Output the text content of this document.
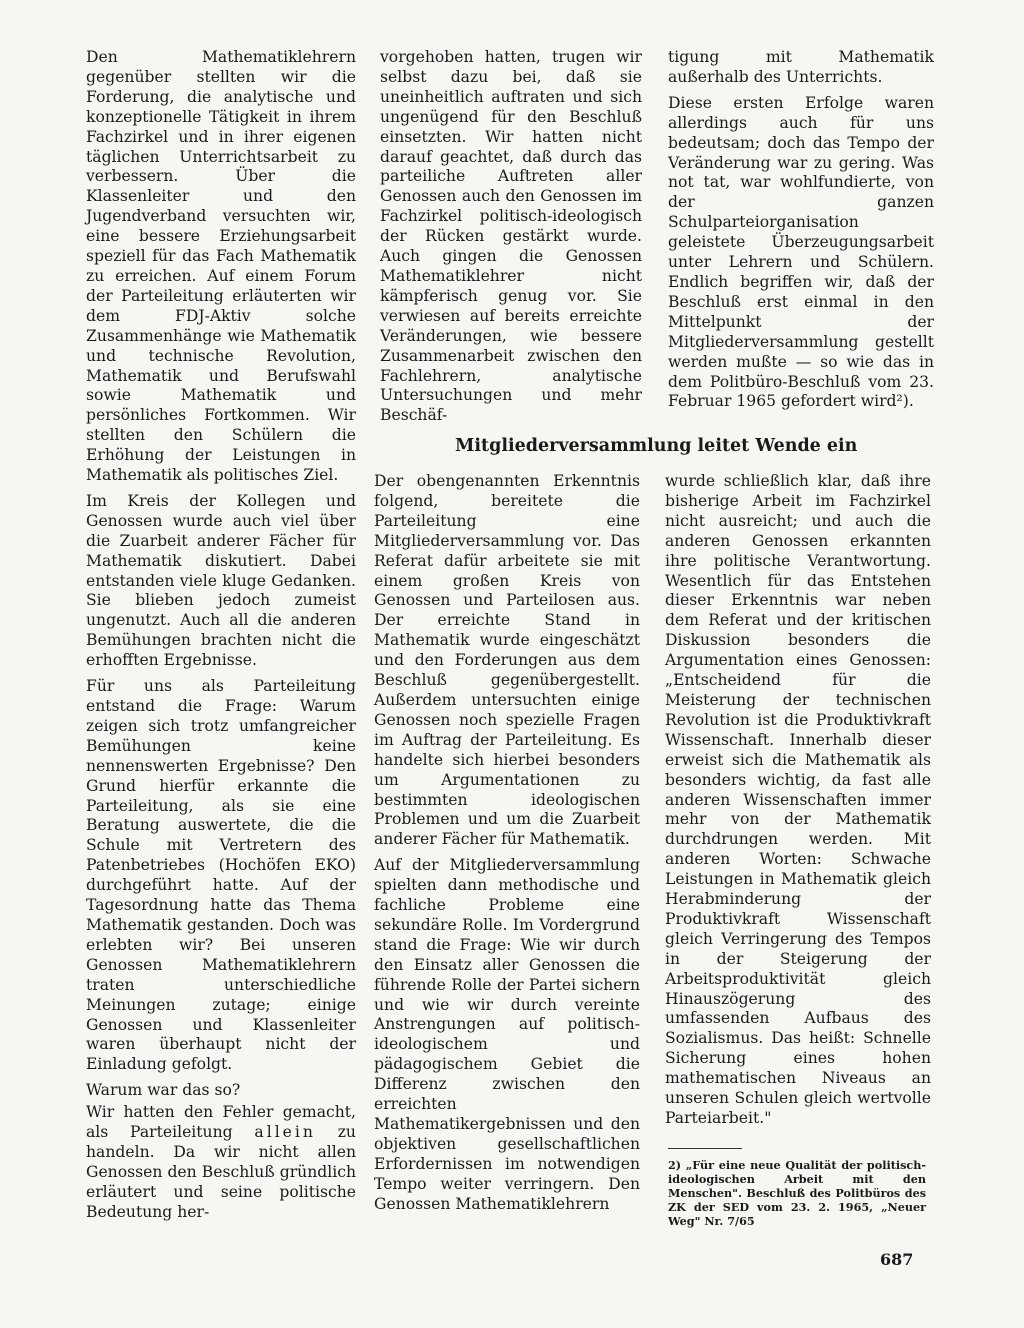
Den Mathematiklehrern gegenüber stellten wir die Forderung, die analytische und konzeptionelle Tätigkeit in ihrem Fachzirkel und in ihrer eigenen täglichen Unterrichtsarbeit zu verbessern. Über die Klassenleiter und den Jugendverband versuchten wir, eine bessere Erziehungsarbeit speziell für das Fach Mathematik zu erreichen. Auf einem Forum der Parteileitung erläuterten wir dem FDJ-Aktiv solche Zusammenhänge wie Mathematik und technische Revolution, Mathematik und Berufswahl sowie Mathematik und persönliches Fortkommen. Wir stellten den Schülern die Erhöhung der Leistungen in Mathematik als politisches Ziel.

Im Kreis der Kollegen und Genossen wurde auch viel über die Zuarbeit anderer Fächer für Mathematik diskutiert. Dabei entstanden viele kluge Gedanken. Sie blieben jedoch zumeist ungenutzt. Auch all die anderen Bemühungen brachten nicht die erhofften Ergebnisse.

Für uns als Parteileitung entstand die Frage: Warum zeigen sich trotz umfangreicher Bemühungen keine nennenswerten Ergebnisse? Den Grund hierfür erkannte die Parteileitung, als sie eine Beratung auswertete, die die Schule mit Vertretern des Patenbetriebes (Hochöfen EKO) durchgeführt hatte. Auf der Tagesordnung hatte das Thema Mathematik gestanden. Doch was erlebten wir? Bei unseren Genossen Mathematiklehrern traten unterschiedliche Meinungen zutage; einige Genossen und Klassenleiter waren überhaupt nicht der Einladung gefolgt.

Warum war das so?

Wir hatten den Fehler gemacht, als Parteileitung allein zu handeln. Da wir nicht allen Genossen den Beschluß gründlich erläutert und seine politische Bedeutung her-

vorgehoben hatten, trugen wir selbst dazu bei, daß sie uneinheitlich auftraten und sich ungenügend für den Beschluß einsetzten. Wir hatten nicht darauf geachtet, daß durch das parteiliche Auftreten aller Genossen auch den Genossen im Fachzirkel politisch-ideologisch der Rücken gestärkt wurde. Auch gingen die Genossen Mathematiklehrer nicht kämpferisch genug vor. Sie verwiesen auf bereits erreichte Veränderungen, wie bessere Zusammenarbeit zwischen den Fachlehrern, analytische Untersuchungen und mehr Beschäf-

tigung mit Mathematik außerhalb des Unterrichts.

Diese ersten Erfolge waren allerdings auch für uns bedeutsam; doch das Tempo der Veränderung war zu gering. Was not tat, war wohlfundierte, von der ganzen Schulparteiorganisation geleistete Überzeugungsarbeit unter Lehrern und Schülern. Endlich begriffen wir, daß der Beschluß erst einmal in den Mittelpunkt der Mitgliederversammlung gestellt werden mußte — so wie das in dem Politbüro-Beschluß vom 23. Februar 1965 gefordert wird²).

Mitgliederversammlung leitet Wende ein

Der obengenannten Erkenntnis folgend, bereitete die Parteileitung eine Mitgliederversammlung vor. Das Referat dafür arbeitete sie mit einem großen Kreis von Genossen und Parteilosen aus. Der erreichte Stand in Mathematik wurde eingeschätzt und den Forderungen aus dem Beschluß gegenübergestellt. Außerdem untersuchten einige Genossen noch spezielle Fragen im Auftrag der Parteileitung. Es handelte sich hierbei besonders um Argumentationen zu bestimmten ideologischen Problemen und um die Zuarbeit anderer Fächer für Mathematik.

Auf der Mitgliederversammlung spielten dann methodische und fachliche Probleme eine sekundäre Rolle. Im Vordergrund stand die Frage: Wie wir durch den Einsatz aller Genossen die führende Rolle der Partei sichern und wie wir durch vereinte Anstrengungen auf politisch-ideologischem und pädagogischem Gebiet die Differenz zwischen den erreichten Mathematikergebnissen und den objektiven gesellschaftlichen Erfordernissen im notwendigen Tempo weiter verringern. Den Genossen Mathematiklehrern

wurde schließlich klar, daß ihre bisherige Arbeit im Fachzirkel nicht ausreicht; und auch die anderen Genossen erkannten ihre politische Verantwortung. Wesentlich für das Entstehen dieser Erkenntnis war neben dem Referat und der kritischen Diskussion besonders die Argumentation eines Genossen: „Entscheidend für die Meisterung der technischen Revolution ist die Produktivkraft Wissenschaft. Innerhalb dieser erweist sich die Mathematik als besonders wichtig, da fast alle anderen Wissenschaften immer mehr von der Mathematik durchdrungen werden. Mit anderen Worten: Schwache Leistungen in Mathematik gleich Herabminderung der Produktivkraft Wissenschaft gleich Verringerung des Tempos in der Steigerung der Arbeitsproduktivität gleich Hinauszögerung des umfassenden Aufbaus des Sozialismus. Das heißt: Schnelle Sicherung eines hohen mathematischen Niveaus an unseren Schulen gleich wertvolle Parteiarbeit."

2) „Für eine neue Qualität der politisch-ideologischen Arbeit mit den Menschen". Beschluß des Politbüros des ZK der SED vom 23. 2. 1965, „Neuer Weg" Nr. 7/65
687
